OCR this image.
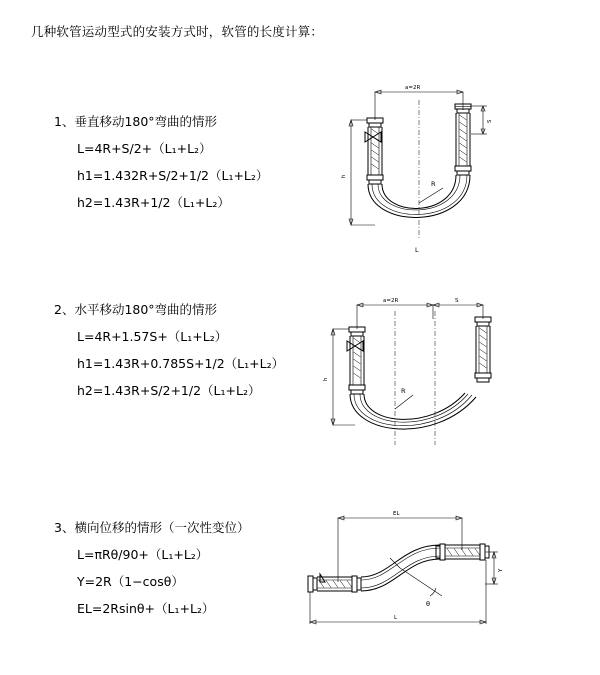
几种软管运动型式的安装方式时，软管的长度计算：
1、垂直移动180°弯曲的情形
L=4R+S/2+（L₁+L₂）
h1=1.432R+S/2+1/2（L₁+L₂）
h2=1.43R+1/2（L₁+L₂）
a=2R
R
h
S
L
2、水平移动180°弯曲的情形
L=4R+1.57S+（L₁+L₂）
h1=1.43R+0.785S+1/2（L₁+L₂）
h2=1.43R+S/2+1/2（L₁+L₂）
a=2R	S
R
h
3、横向位移的情形（一次性变位）
L=πRθ/90+（L₁+L₂）
Y=2R（1−cosθ）
EL=2Rsinθ+（L₁+L₂）
EL
θ
Y
L
